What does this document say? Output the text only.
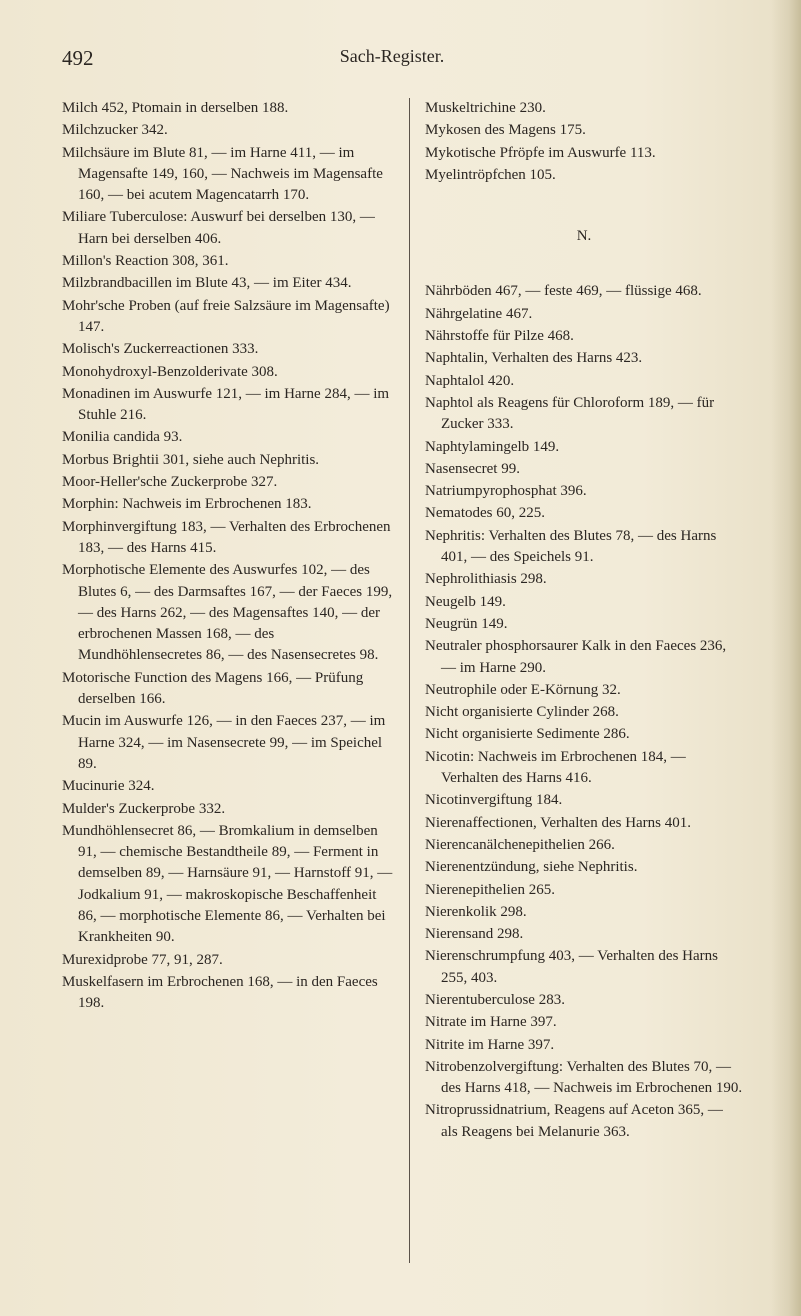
492	Sach-Register.
Milch 452, Ptomain in derselben 188.
Milchzucker 342.
Milchsäure im Blute 81, — im Harne 411, — im Magensafte 149, 160, — Nachweis im Magensafte 160, — bei acutem Magencatarrh 170.
Miliare Tuberculose: Auswurf bei derselben 130, — Harn bei derselben 406.
Millon's Reaction 308, 361.
Milzbrandbacillen im Blute 43, — im Eiter 434.
Mohr'sche Proben (auf freie Salzsäure im Magensafte) 147.
Molisch's Zuckerreactionen 333.
Monohydroxyl-Benzolderivate 308.
Monadinen im Auswurfe 121, — im Harne 284, — im Stuhle 216.
Monilia candida 93.
Morbus Brightii 301, siehe auch Nephritis.
Moor-Heller'sche Zuckerprobe 327.
Morphin: Nachweis im Erbrochenen 183.
Morphinvergiftung 183, — Verhalten des Erbrochenen 183, — des Harns 415.
Morphotische Elemente des Auswurfes 102, — des Blutes 6, — des Darmsaftes 167, — der Faeces 199, — des Harns 262, — des Magensaftes 140, — der erbrochenen Massen 168, — des Mundhöhlensecretes 86, — des Nasensecretes 98.
Motorische Function des Magens 166, — Prüfung derselben 166.
Mucin im Auswurfe 126, — in den Faeces 237, — im Harne 324, — im Nasensecrete 99, — im Speichel 89.
Mucinurie 324.
Mulder's Zuckerprobe 332.
Mundhöhlensecret 86, — Bromkalium in demselben 91, — chemische Bestandtheile 89, — Ferment in demselben 89, — Harnsäure 91, — Harnstoff 91, — Jodkalium 91, — makroskopische Beschaffenheit 86, — morphotische Elemente 86, — Verhalten bei Krankheiten 90.
Murexidprobe 77, 91, 287.
Muskelfasern im Erbrochenen 168, — in den Faeces 198.
Muskeltrichine 230.
Mykosen des Magens 175.
Mykotische Pfröpfe im Auswurfe 113.
Myelintröpfchen 105.
N.
Nährböden 467, — feste 469, — flüssige 468.
Nährgelatine 467.
Nährstoffe für Pilze 468.
Naphtalin, Verhalten des Harns 423.
Naphtalol 420.
Naphtol als Reagens für Chloroform 189, — für Zucker 333.
Naphtylamingelb 149.
Nasensecret 99.
Natriumpyrophosphat 396.
Nematodes 60, 225.
Nephritis: Verhalten des Blutes 78, — des Harns 401, — des Speichels 91.
Nephrolithiasis 298.
Neugelb 149.
Neugrün 149.
Neutraler phosphorsaurer Kalk in den Faeces 236, — im Harne 290.
Neutrophile oder E-Körnung 32.
Nicht organisierte Cylinder 268.
Nicht organisierte Sedimente 286.
Nicotin: Nachweis im Erbrochenen 184, — Verhalten des Harns 416.
Nicotinvergiftung 184.
Nierenaffectionen, Verhalten des Harns 401.
Nierencanälchenepithelien 266.
Nierenentzündung, siehe Nephritis.
Nierenepithelien 265.
Nierenkolik 298.
Nierensand 298.
Nierenschrumpfung 403, — Verhalten des Harns 255, 403.
Nierentuberculose 283.
Nitrate im Harne 397.
Nitrite im Harne 397.
Nitrobenzolvergiftung: Verhalten des Blutes 70, — des Harns 418, — Nachweis im Erbrochenen 190.
Nitroprussidnatrium, Reagens auf Aceton 365, — als Reagens bei Melanurie 363.
